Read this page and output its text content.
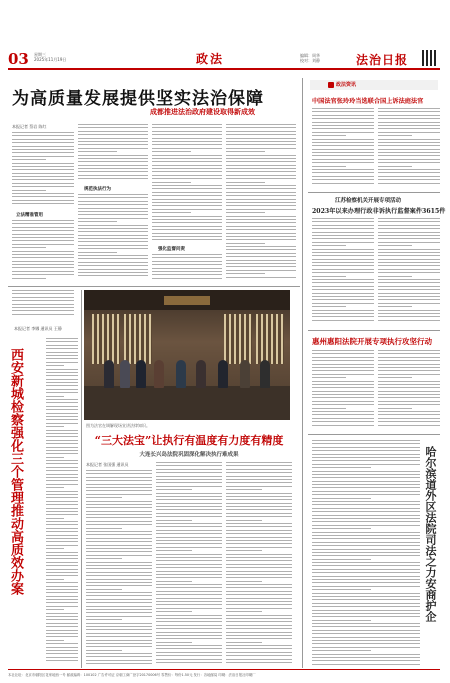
03 星期三
2025年11月19日	政法	编辑：周华
校对：刘静	法治日报
为高质量发展提供坚实法治保障
成都推进法治政府建设取得新成效
本报记者 蔡岩 陈红
立法精准管用
规范执法行为
强化监督问责
本报记者 李娜 通讯员 王静
西安新城检察强化三个管理推动高质效办案	图为法官在调解现场宣讲法律知识。
“三大法宝”让执行有温度有力度有精度
大连长兴岛法院巩固深化解决执行难成果
本报记者 张国强 通讯员
政法资讯
中国法官张玲玲当选联合国上诉法庭法官
江苏检察机关开展专项活动
2023年以来办理行政非诉执行监督案件3615件
惠州惠阳法院开展专项执行攻坚行动
哈尔滨道外区法院司法之力安商护企
本社社址：北京市朝阳区花家地西一号 邮政编码：100102 广告许可证 京朝工商广登字20170006号 零售价：每份1.50元 发行：各地邮局 印刷：法治日报社印刷厂
